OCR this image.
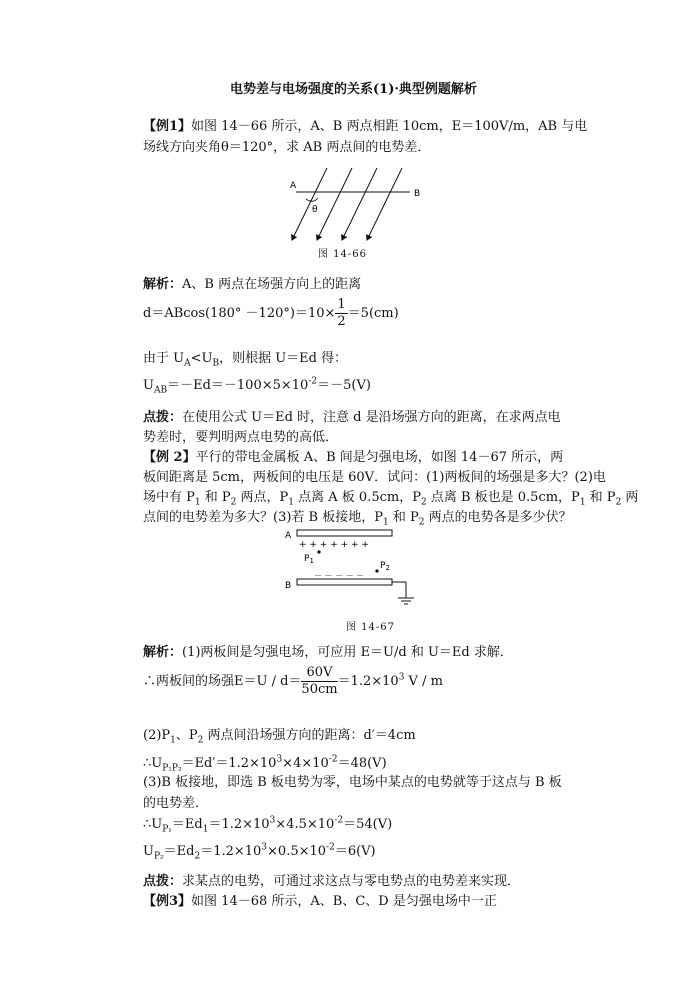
电势差与电场强度的关系(1)·典型例题解析
【例1】如图 14－66 所示，A、B 两点相距 10cm，E＝100V/m，AB 与电
场线方向夹角θ＝120°，求 AB 两点间的电势差．
A
B
θ
图 14-66
解析：A、B 两点在场强方向上的距离
$d=ABcos(180^\circ -120^\circ)=10\times \frac{1}{2} =5(cm)$
由于 $U_A<U_B$，则根据 U＝Ed 得：
$U_{AB}=-Ed=-100\times 5\times 10^{-2}=-5(V)$
点拨：在使用公式 U＝Ed 时，注意 d 是沿场强方向的距离，在求两点电
势差时，要判明两点电势的高低．
【例 2】平行的带电金属板 A、B 间是匀强电场，如图 14－67 所示，两
板间距离是 5cm，两板间的电压是 60V．试问：(1)两板间的场强是多大？(2)电
场中有 $P_1$ 和 $P_2$ 两点，$P_1$ 点离 A 板 0.5cm，$P_2$ 点离 B 板也是 0.5cm，$P_1$ 和 $P_2$ 两
点间的电势差为多大？(3)若 B 板接地，$P_1$ 和 $P_2$ 两点的电势各是多少伏？
A
B
+ + + + + + +
－ － － － －
$P_1$	$P_2$
图 14-67
解析：(1)两板间是匀强电场，可应用 E＝U/d 和 U＝Ed 求解．
∴两板间的场强$E=U / d= \frac{60V}{50cm} =1.2\times 10^3$ V / m
$(2)P_1$、$P_2$ 两点间沿场强方向的距离：d′＝4cm
$\therefore U_{P_1P_2}=Ed'=1.2\times 10^3\times 4\times 10^{-2}=48(V)$
(3)B 板接地，即选 B 板电势为零，电场中某点的电势就等于这点与 B 板
的电势差．
$\therefore U_{P_1}=Ed_1=1.2\times 10^3\times 4.5\times 10^{-2}=54(V)$
$U_{P_2}=Ed_2=1.2\times 10^3\times 0.5\times 10^{-2}=6(V)$
点拨：求某点的电势，可通过求这点与零电势点的电势差来实现．
【例3】如图 14－68 所示，A、B、C、D 是匀强电场中一正
